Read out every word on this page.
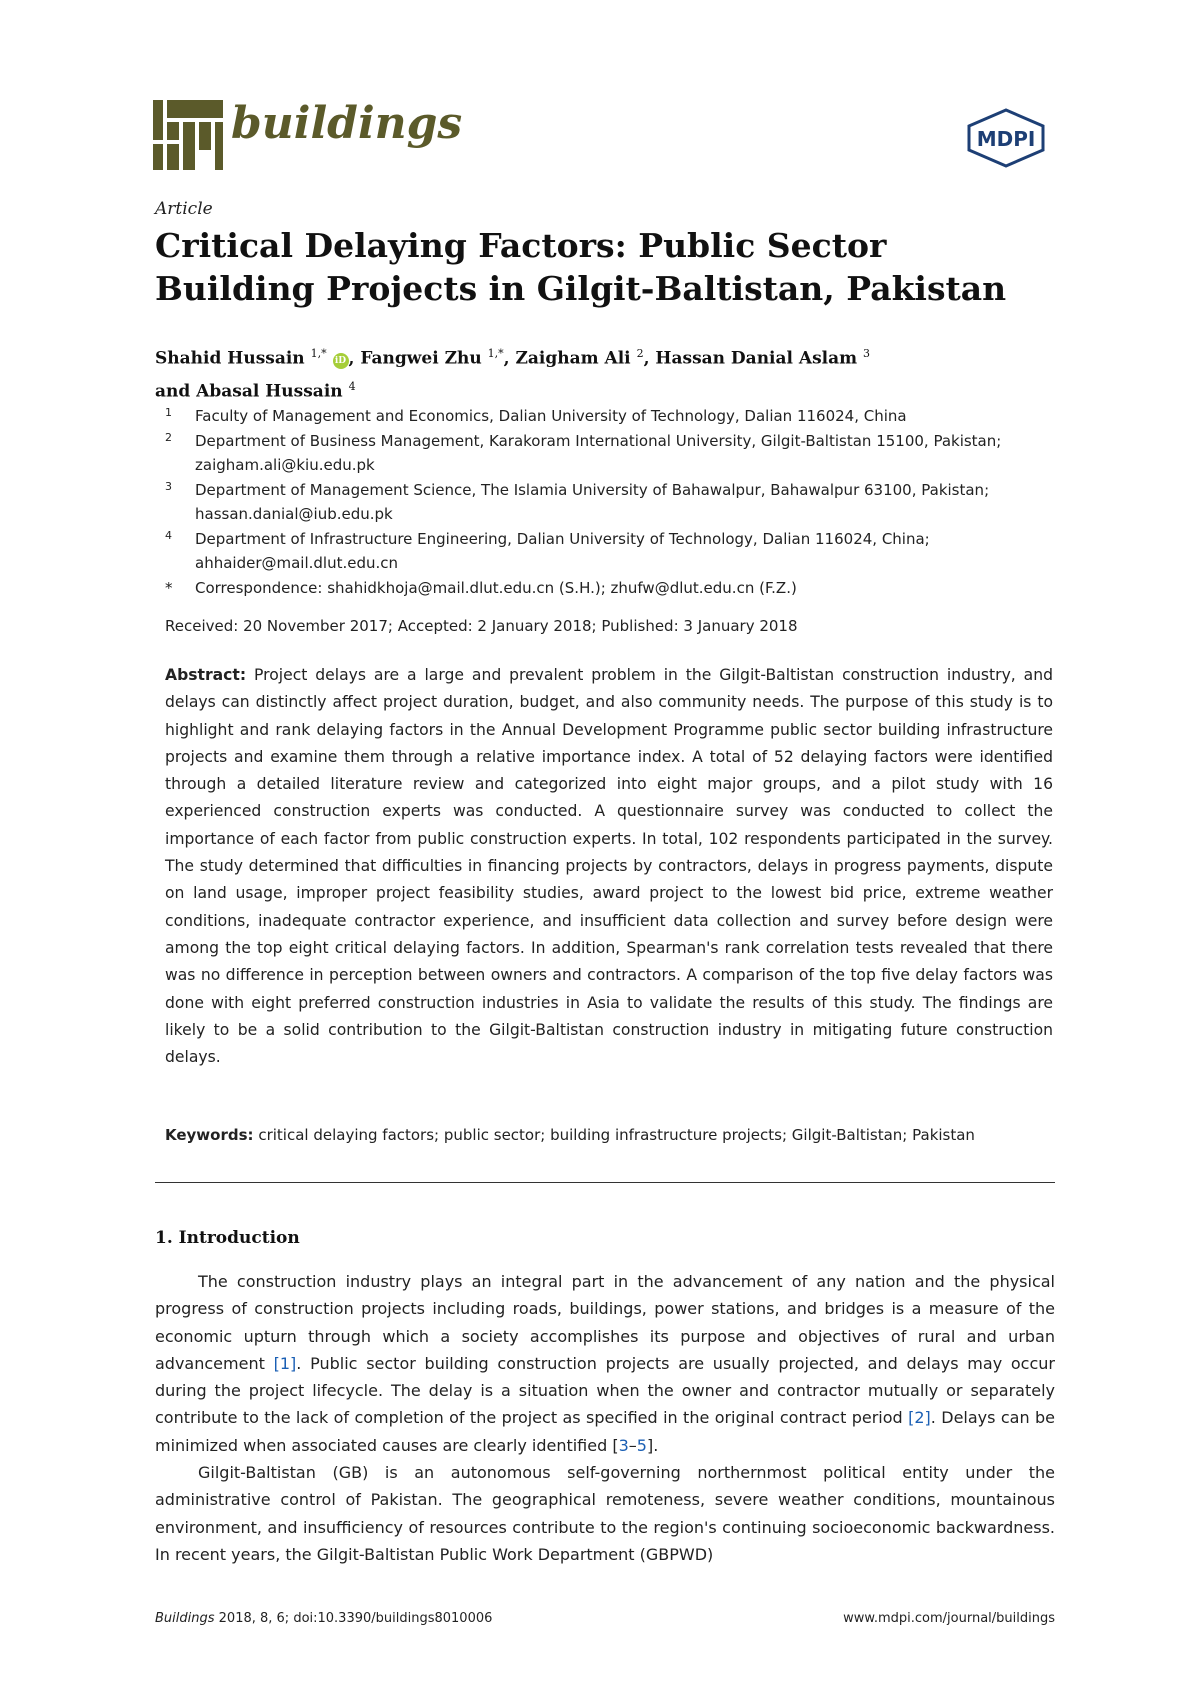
buildings	MDPI
Article
Critical Delaying Factors: Public Sector Building Projects in Gilgit-Baltistan, Pakistan
Shahid Hussain $^{1,*}$ iD , Fangwei Zhu $^{1,*}$, Zaigham Ali $^2$, Hassan Danial Aslam $^3$
and Abasal Hussain $^4$
1 Faculty of Management and Economics, Dalian University of Technology, Dalian 116024, China
2 Department of Business Management, Karakoram International University, Gilgit-Baltistan 15100, Pakistan;
zaigham.ali@kiu.edu.pk
3 Department of Management Science, The Islamia University of Bahawalpur, Bahawalpur 63100, Pakistan;
hassan.danial@iub.edu.pk
4 Department of Infrastructure Engineering, Dalian University of Technology, Dalian 116024, China;
ahhaider@mail.dlut.edu.cn
* Correspondence: shahidkhoja@mail.dlut.edu.cn (S.H.); zhufw@dlut.edu.cn (F.Z.)
Received: 20 November 2017; Accepted: 2 January 2018; Published: 3 January 2018

Abstract: Project delays are a large and prevalent problem in the Gilgit-Baltistan construction industry, and delays can distinctly affect project duration, budget, and also community needs. The purpose of this study is to highlight and rank delaying factors in the Annual Development Programme public sector building infrastructure projects and examine them through a relative importance index. A total of 52 delaying factors were identified through a detailed literature review and categorized into eight major groups, and a pilot study with 16 experienced construction experts was conducted. A questionnaire survey was conducted to collect the importance of each factor from public construction experts. In total, 102 respondents participated in the survey. The study determined that difficulties in financing projects by contractors, delays in progress payments, dispute on land usage, improper project feasibility studies, award project to the lowest bid price, extreme weather conditions, inadequate contractor experience, and insufficient data collection and survey before design were among the top eight critical delaying factors. In addition, Spearman's rank correlation tests revealed that there was no difference in perception between owners and contractors. A comparison of the top five delay factors was done with eight preferred construction industries in Asia to validate the results of this study. The findings are likely to be a solid contribution to the Gilgit-Baltistan construction industry in mitigating future construction delays.

Keywords: critical delaying factors; public sector; building infrastructure projects; Gilgit-Baltistan; Pakistan
1. Introduction

The construction industry plays an integral part in the advancement of any nation and the physical progress of construction projects including roads, buildings, power stations, and bridges is a measure of the economic upturn through which a society accomplishes its purpose and objectives of rural and urban advancement [1]. Public sector building construction projects are usually projected, and delays may occur during the project lifecycle. The delay is a situation when the owner and contractor mutually or separately contribute to the lack of completion of the project as specified in the original contract period [2]. Delays can be minimized when associated causes are clearly identified [3–5].

Gilgit-Baltistan (GB) is an autonomous self-governing northernmost political entity under the administrative control of Pakistan. The geographical remoteness, severe weather conditions, mountainous environment, and insufficiency of resources contribute to the region's continuing socioeconomic backwardness. In recent years, the Gilgit-Baltistan Public Work Department (GBPWD)

Buildings 2018, 8, 6; doi:10.3390/buildings8010006	www.mdpi.com/journal/buildings
